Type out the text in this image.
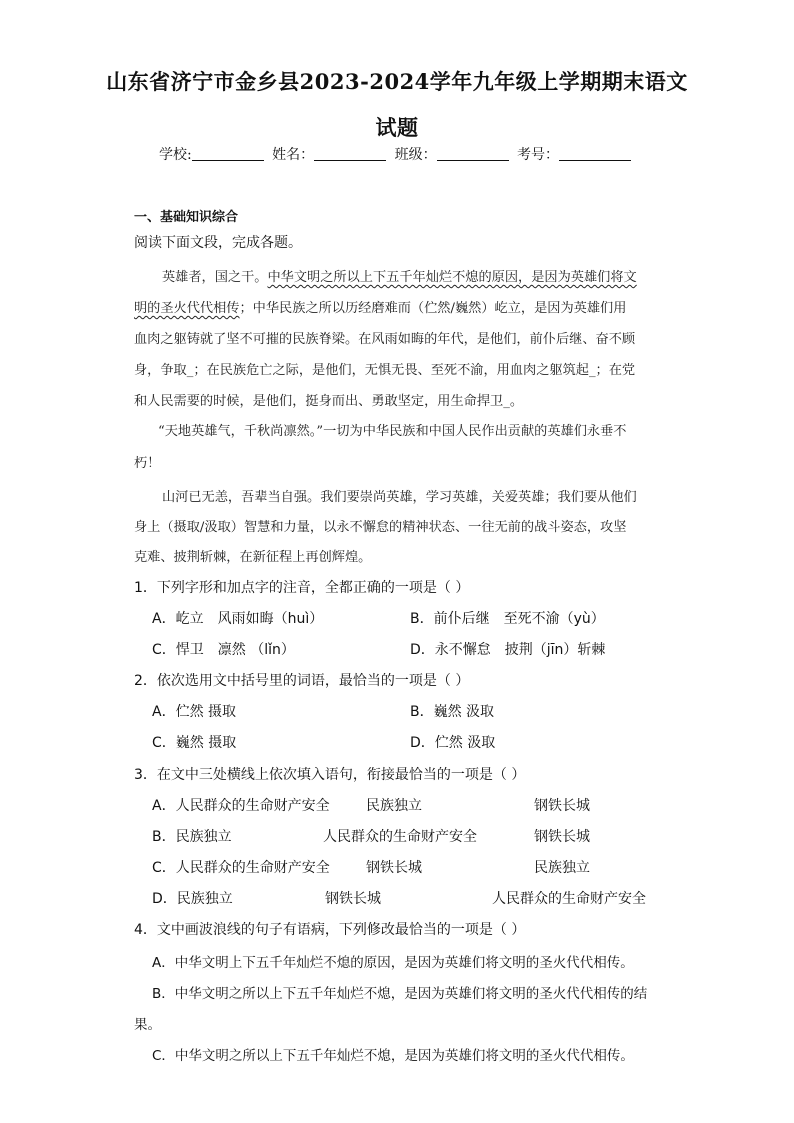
山东省济宁市金乡县2023-2024学年九年级上学期期末语文
试题
学校:	姓名：	班级：	考号：
一、基础知识综合
阅读下面文段，完成各题。
英雄者，国之干。中华文明之所以上下五千年灿烂不熄的原因，是因为英雄们将文
明的圣火代代相传；中华民族之所以历经磨难而（伫然/巍然）屹立，是因为英雄们用
血肉之躯铸就了坚不可摧的民族脊梁。在风雨如晦的年代，是他们，前仆后继、奋不顾
身，争取_；在民族危亡之际，是他们，无惧无畏、至死不渝，用血肉之躯筑起_；在党
和人民需要的时候，是他们，挺身而出、勇敢坚定，用生命捍卫_。
“天地英雄气，千秋尚凛然。”一切为中华民族和中国人民作出贡献的英雄们永垂不
朽！
山河已无恙，吾辈当自强。我们要崇尚英雄，学习英雄，关爱英雄；我们要从他们
身上（摄取/汲取）智慧和力量，以永不懈怠的精神状态、一往无前的战斗姿态，攻坚
克难、披荆斩棘，在新征程上再创辉煌。
1．下列字形和加点字的注音，全都正确的一项是（ ）
A．屹立　风雨如晦（huì）	B．前仆后继　至死不渝（yù）
C．悍卫　凛然 （lǐn）	D．永不懈怠　披荆（jīn）斩棘
2．依次选用文中括号里的词语，最恰当的一项是（ ）
A．伫然 摄取	B．巍然 汲取
C．巍然 摄取	D．伫然 汲取
3．在文中三处横线上依次填入语句，衔接最恰当的一项是（ ）
A．人民群众的生命财产安全	民族独立	钢铁长城
B．民族独立	人民群众的生命财产安全	钢铁长城
C．人民群众的生命财产安全	钢铁长城	民族独立
D．民族独立	钢铁长城	人民群众的生命财产安全
4．文中画波浪线的句子有语病，下列修改最恰当的一项是（ ）
A．中华文明上下五千年灿烂不熄的原因，是因为英雄们将文明的圣火代代相传。
B．中华文明之所以上下五千年灿烂不熄，是因为英雄们将文明的圣火代代相传的结
果。
C．中华文明之所以上下五千年灿烂不熄，是因为英雄们将文明的圣火代代相传。
